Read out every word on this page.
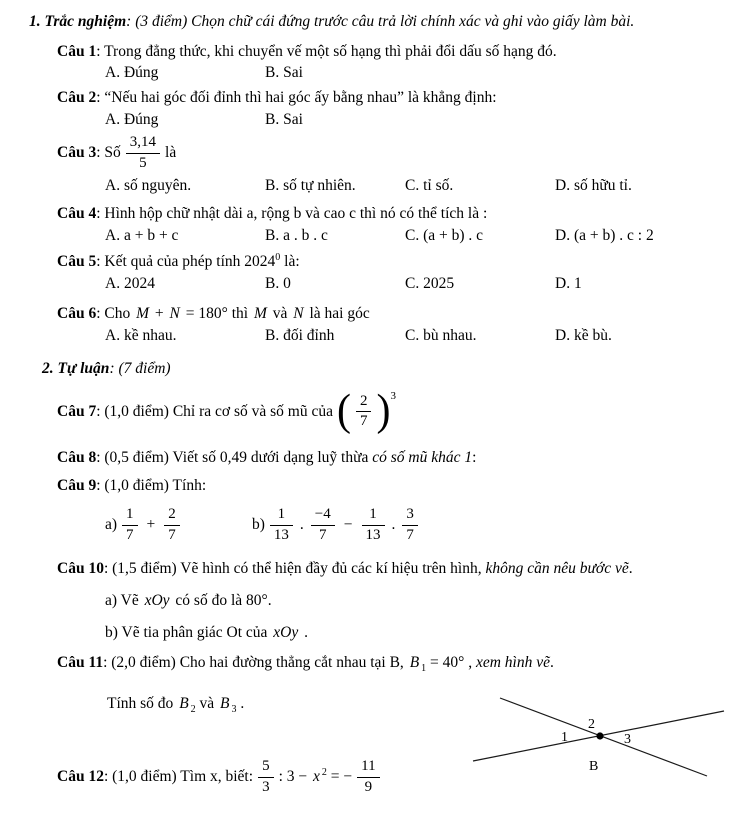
1. Trắc nghiệm: (3 điểm) Chọn chữ cái đứng trước câu trả lời chính xác và ghi vào giấy làm bài.
Câu 1: Trong đẳng thức, khi chuyển vế một số hạng thì phải đổi dấu số hạng đó.
A. Đúng	B. Sai
Câu 2: “Nếu hai góc đối đỉnh thì hai góc ấy bằng nhau” là khẳng định:
A. Đúng	B. Sai
Câu 3: Số $\frac{3,14}{5}$ là
A. số nguyên.	B. số tự nhiên.	C. tỉ số.	D. số hữu tỉ.
Câu 4: Hình hộp chữ nhật dài a, rộng b và cao c thì nó có thể tích là :
A. a + b + c	B. a . b . c	C. (a + b) . c	D. (a + b) . c : 2
Câu 5: Kết quả của phép tính 2024$^0$ là:
A. 2024	B. 0	C. 2025	D. 1
Câu 6: Cho M + N = 180° thì M và N là hai góc
A. kề nhau.	B. đối đỉnh	C. bù nhau.	D. kề bù.
2. Tự luận: (7 điểm)
Câu 7: (1,0 điểm) Chỉ ra cơ số và số mũ của ( $\frac{2}{7}$ ) 3
Câu 8: (0,5 điểm) Viết số 0,49 dưới dạng luỹ thừa có số mũ khác 1:
Câu 9: (1,0 điểm) Tính:
$a) \frac{1}{7} + \frac{2}{7}$	$b) \frac{1}{13}$ . $\frac{-4}{7} - \frac{1}{13}$ . $\frac{3}{7}$
Câu 10: (1,5 điểm) Vẽ hình có thể hiện đầy đủ các kí hiệu trên hình, không cần nêu bước vẽ.
a) Vẽ xOy có số đo là 80°.
b) Vẽ tia phân giác Ot của xOy .
Câu 11: (2,0 điểm) Cho hai đường thẳng cắt nhau tại B, B $_1$ = 40° , xem hình vẽ.
Tính số đo B $_2$ và B $_3$ .
Câu 12: (1,0 điểm) Tìm x, biết: $\frac{5}{3}$ : 3 − x $^2$ = − $\frac{11}{9}$
1
2
3
B
